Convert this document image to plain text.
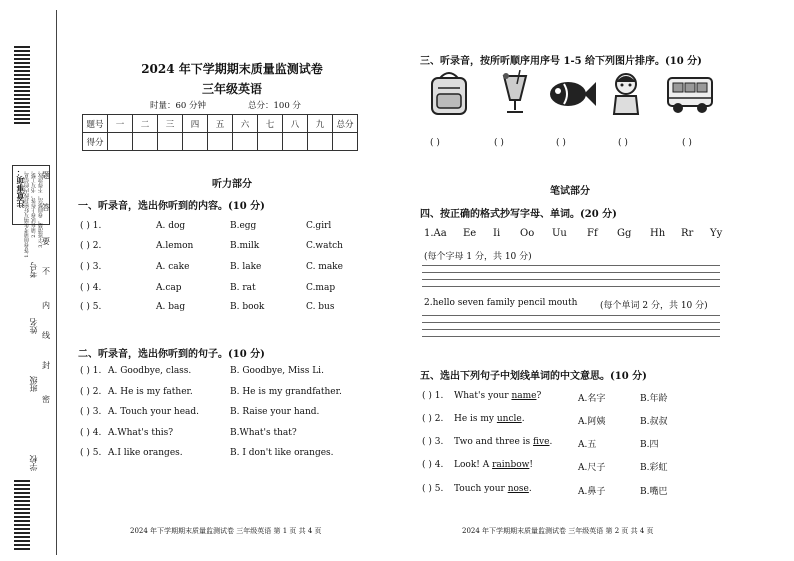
注意事项： 1.答卷前请考生填写好密封线内的信息。 2.请在试卷上作答，书写工整。 3.字迹清楚，卷面整洁，不得涂改。
题
答
要
不
内
线
封
密
学校
班级
姓名
考号
2024 年下学期期末质量监测试卷
三年级英语
时量：60 分钟	总分：100 分
题号	一	二	三	四	五	六	七	八	九	总分
得分										
听力部分
一、听录音，选出你听到的内容。(10 分)
( ) 1.	A. dog	B.egg	C.girl
( ) 2.	A.lemon	B.milk	C.watch
( ) 3.	A. cake	B. lake	C. make
( ) 4.	A.cap	B. rat	C.map
( ) 5.	A. bag	B. book	C. bus
二、听录音，选出你听到的句子。(10 分)
( ) 1. A. Goodbye, class.	B. Goodbye, Miss Li.
( ) 2. A. He is my father.	B. He is my grandfather.
( ) 3. A. Touch your head.	B. Raise your hand.
( ) 4. A.What's this?	B.What's that?
( ) 5. A.I like oranges.	B. I don't like oranges.
2024 年下学期期末质量监测试卷 三年级英语 第 1 页 共 4 页
三、听录音，按所听顺序用序号 1-5 给下列图片排序。(10 分)
( )	( )	( )	( )	( )
笔试部分
四、按正确的格式抄写字母、单词。(20 分)
1.Aa Ee Ii Oo Uu Ff Gg Hh Rr Yy
(每个字母 1 分，共 10 分)
2.hello seven family pencil mouth	(每个单词 2 分，共 10 分)
五、选出下列句子中划线单词的中文意思。(10 分)
( ) 1. What's your name?	A.名字	B.年龄
( ) 2. He is my uncle.	A.阿姨	B.叔叔
( ) 3. Two and three is five.	A.五	B.四
( ) 4. Look! A rainbow!	A.尺子	B.彩虹
( ) 5. Touch your nose.	A.鼻子	B.嘴巴
2024 年下学期期末质量监测试卷 三年级英语 第 2 页 共 4 页
